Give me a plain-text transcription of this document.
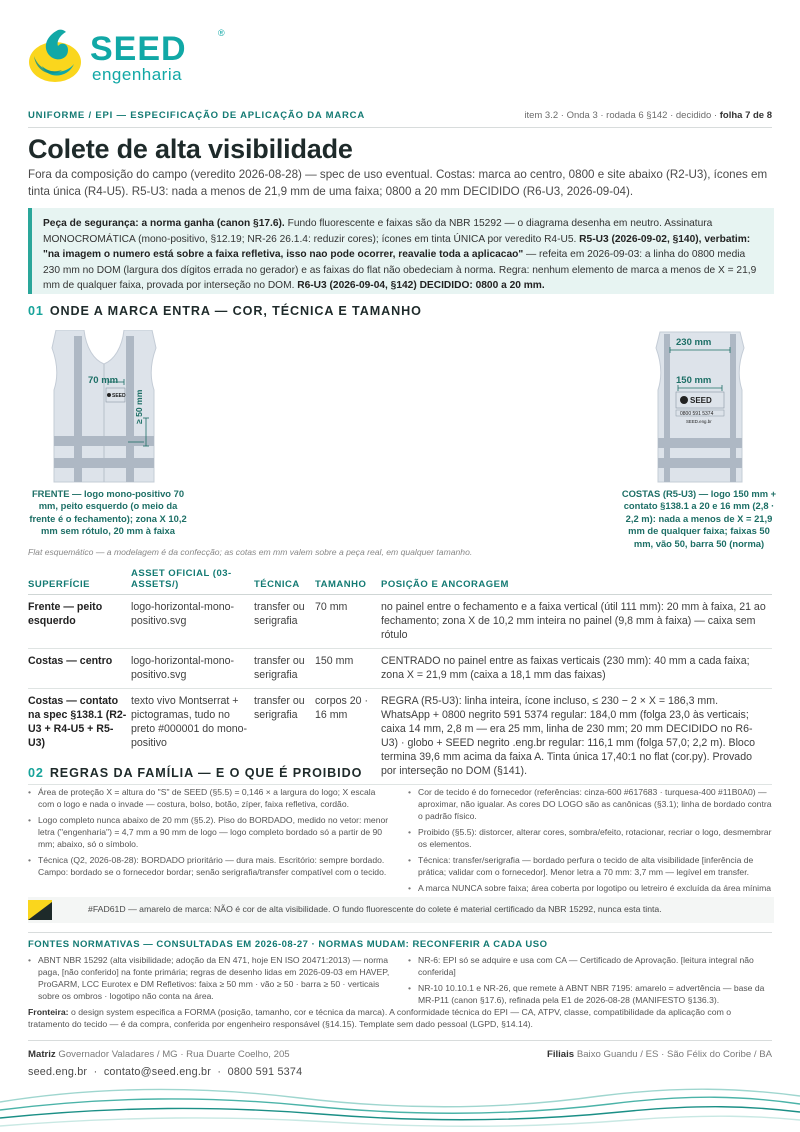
SEED	®
engenharia
UNIFORME / EPI — ESPECIFICAÇÃO DE APLICAÇÃO DA MARCA	item 3.2 · Onda 3 · rodada 6 §142 · decidido · folha 7 de 8
Colete de alta visibilidade

Fora da composição do campo (veredito 2026-08-28) — spec de uso eventual. Costas: marca ao centro, 0800 e site abaixo (R2-U3), ícones em tinta única (R4-U5). R5-U3: nada a menos de 21,9 mm de uma faixa; 0800 a 20 mm DECIDIDO (R6-U3, 2026-09-04).

Peça de segurança: a norma ganha (canon §17.6). Fundo fluorescente e faixas são da NBR 15292 — o diagrama desenha em neutro. Assinatura MONOCROMÁTICA (mono-positivo, §12.19; NR-26 26.1.4: reduzir cores); ícones em tinta ÚNICA por veredito R4-U5. R5-U3 (2026-09-02, §140), verbatim: "na imagem o numero está sobre a faixa refletiva, isso nao pode ocorrer, reavalie toda a aplicacao" — refeita em 2026-09-03: a linha do 0800 media 230 mm no DOM (largura dos dígitos errada no gerador) e as faixas do flat não obedeciam à norma. Regra: nenhum elemento de marca a menos de X = 21,9 mm de qualquer faixa, provada por interseção no DOM. R6-U3 (2026-09-04, §142) DECIDIDO: 0800 a 20 mm.
01 ONDE A MARCA ENTRA — COR, TÉCNICA E TAMANHO
SEED
70 mm
≥ 50 mm
FRENTE — logo mono-positivo 70
mm, peito esquerdo (o meio da
frente é o fechamento); zona X 10,2
mm sem rótulo, 20 mm à faixa
SEED
0800 591 5374
SEED.eng.br
230 mm
150 mm
COSTAS (R5-U3) — logo 150 mm +
contato §138.1 a 20 e 16 mm (2,8 ·
2,2 m): nada a menos de X = 21,9
mm de qualquer faixa; faixas 50
mm, vão 50, barra 50 (norma)
Flat esquemático — a modelagem é da confecção; as cotas em mm valem sobre a peça real, em qualquer tamanho.
SUPERFÍCIE	ASSET OFICIAL (03-ASSETS/)	TÉCNICA	TAMANHO	POSIÇÃO E ANCORAGEM
Frente — peito esquerdo	logo-horizontal-mono-positivo.svg	transfer ou serigrafia	70 mm	no painel entre o fechamento e a faixa vertical (útil 111 mm): 20 mm à faixa, 21 ao fechamento; zona X de 10,2 mm inteira no painel (9,8 mm à faixa) — caixa sem rótulo
Costas — centro	logo-horizontal-mono-positivo.svg	transfer ou serigrafia	150 mm	CENTRADO no painel entre as faixas verticais (230 mm): 40 mm a cada faixa; zona X = 21,9 mm (caixa a 18,1 mm das faixas)
Costas — contato na spec §138.1 (R2-U3 + R4-U5 + R5-U3)	texto vivo Montserrat + pictogramas, tudo no preto #000001 do mono-positivo	transfer ou serigrafia	corpos 20 · 16 mm	REGRA (R5-U3): linha inteira, ícone incluso, ≤ 230 − 2 × X = 186,3 mm. WhatsApp + 0800 negrito 591 5374 regular: 184,0 mm (folga 23,0 às verticais; caixa 14 mm, 2,8 m — era 25 mm, linha de 230 mm; 20 mm DECIDIDO no R6-U3) · globo + SEED negrito .eng.br regular: 116,1 mm (folga 57,0; 2,2 m). Bloco termina 39,6 mm acima da faixa A. Tinta única 17,40:1 no flat (cor.py). Provado por interseção no DOM (§141).
02 REGRAS DA FAMÍLIA — E O QUE É PROIBIDO
• Área de proteção X = altura do "S" de SEED (§5.5) = 0,146 × a largura do logo; X escala com o logo e nada o invade — costura, bolso, botão, zíper, faixa refletiva, cordão.
• Logo completo nunca abaixo de 20 mm (§5.2). Piso do BORDADO, medido no vetor: menor letra ("engenharia") = 4,7 mm a 90 mm de logo — logo completo bordado só a partir de 90 mm; abaixo, só o símbolo.
• Técnica (Q2, 2026-08-28): BORDADO prioritário — dura mais. Escritório: sempre bordado. Campo: bordado se o fornecedor bordar; senão serigrafia/transfer compatível com o tecido.
• Cor de tecido é do fornecedor (referências: cinza-600 #617683 · turquesa-400 #11B0A0) — aproximar, não igualar. As cores DO LOGO são as canônicas (§3.1); linha de bordado contra o padrão físico.
• Proibido (§5.5): distorcer, alterar cores, sombra/efeito, rotacionar, recriar o logo, desmembrar os elementos.
• Técnica: transfer/serigrafia — bordado perfura o tecido de alta visibilidade [inferência de prática; validar com o fornecedor]. Menor letra a 70 mm: 3,7 mm — legível em transfer.
• A marca NUNCA sobre faixa; área coberta por logotipo ou letreiro é excluída da área mínima
#FAD61D — amarelo de marca: NÃO é cor de alta visibilidade. O fundo fluorescente do colete é material certificado da NBR 15292, nunca esta tinta.
FONTES NORMATIVAS — CONSULTADAS EM 2026-08-27 · NORMAS MUDAM: RECONFERIR A CADA USO
• ABNT NBR 15292 (alta visibilidade; adoção da EN 471, hoje EN ISO 20471:2013) — norma paga, [não conferido] na fonte primária; regras de desenho lidas em 2026-09-03 em HAVEP, ProGARM, LCC Eurotex e DM Refletivos: faixa ≥ 50 mm · vão ≥ 50 · barra ≥ 50 · verticais sobre os ombros · logotipo não conta na área.
• NR-6: EPI só se adquire e usa com CA — Certificado de Aprovação. [leitura integral não conferida]
• NR-10 10.10.1 e NR-26, que remete à ABNT NBR 7195: amarelo = advertência — base da MR-P11 (canon §17.6), refinada pela E1 de 2026-08-28 (MANIFESTO §136.3).
Fronteira: o design system especifica a FORMA (posição, tamanho, cor e técnica da marca). A conformidade técnica do EPI — CA, ATPV, classe, compatibilidade da aplicação com o tratamento do tecido — é da compra, conferida por engenheiro responsável (§14.15). Template sem dado pessoal (LGPD, §14.14).
Matriz Governador Valadares / MG · Rua Duarte Coelho, 205	Filiais Baixo Guandu / ES · São Félix do Coribe / BA
seed.eng.br  ·  contato@seed.eng.br  ·  0800 591 5374
